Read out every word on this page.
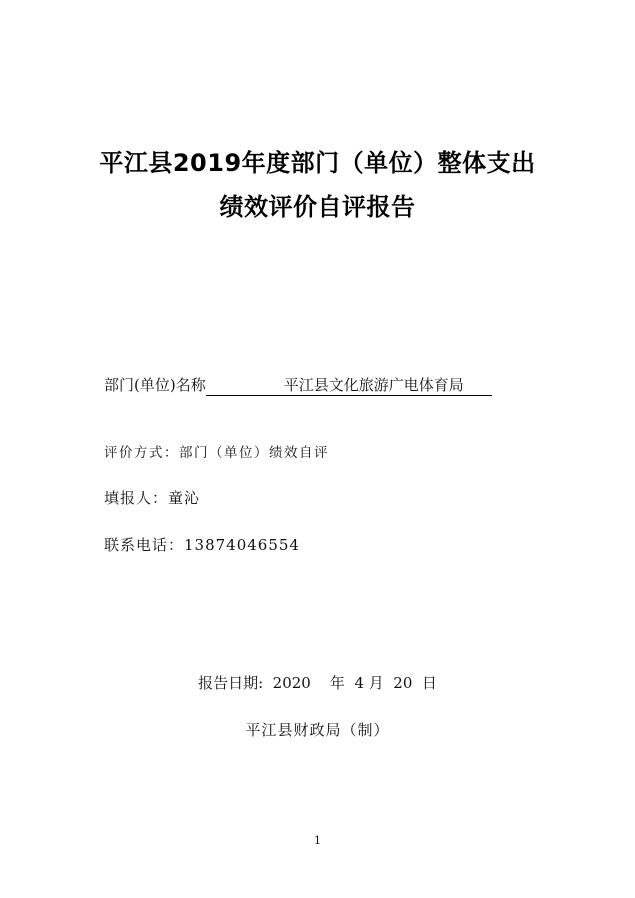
平江县2019年度部门（单位）整体支出
绩效评价自评报告
部门(单位)名称	平江县文化旅游广电体育局
评价方式：部门（单位）绩效自评
填报人：童沁
联系电话：13874046554
报告日期:  2020    年  4 月  20  日
平江县财政局（制）
1
